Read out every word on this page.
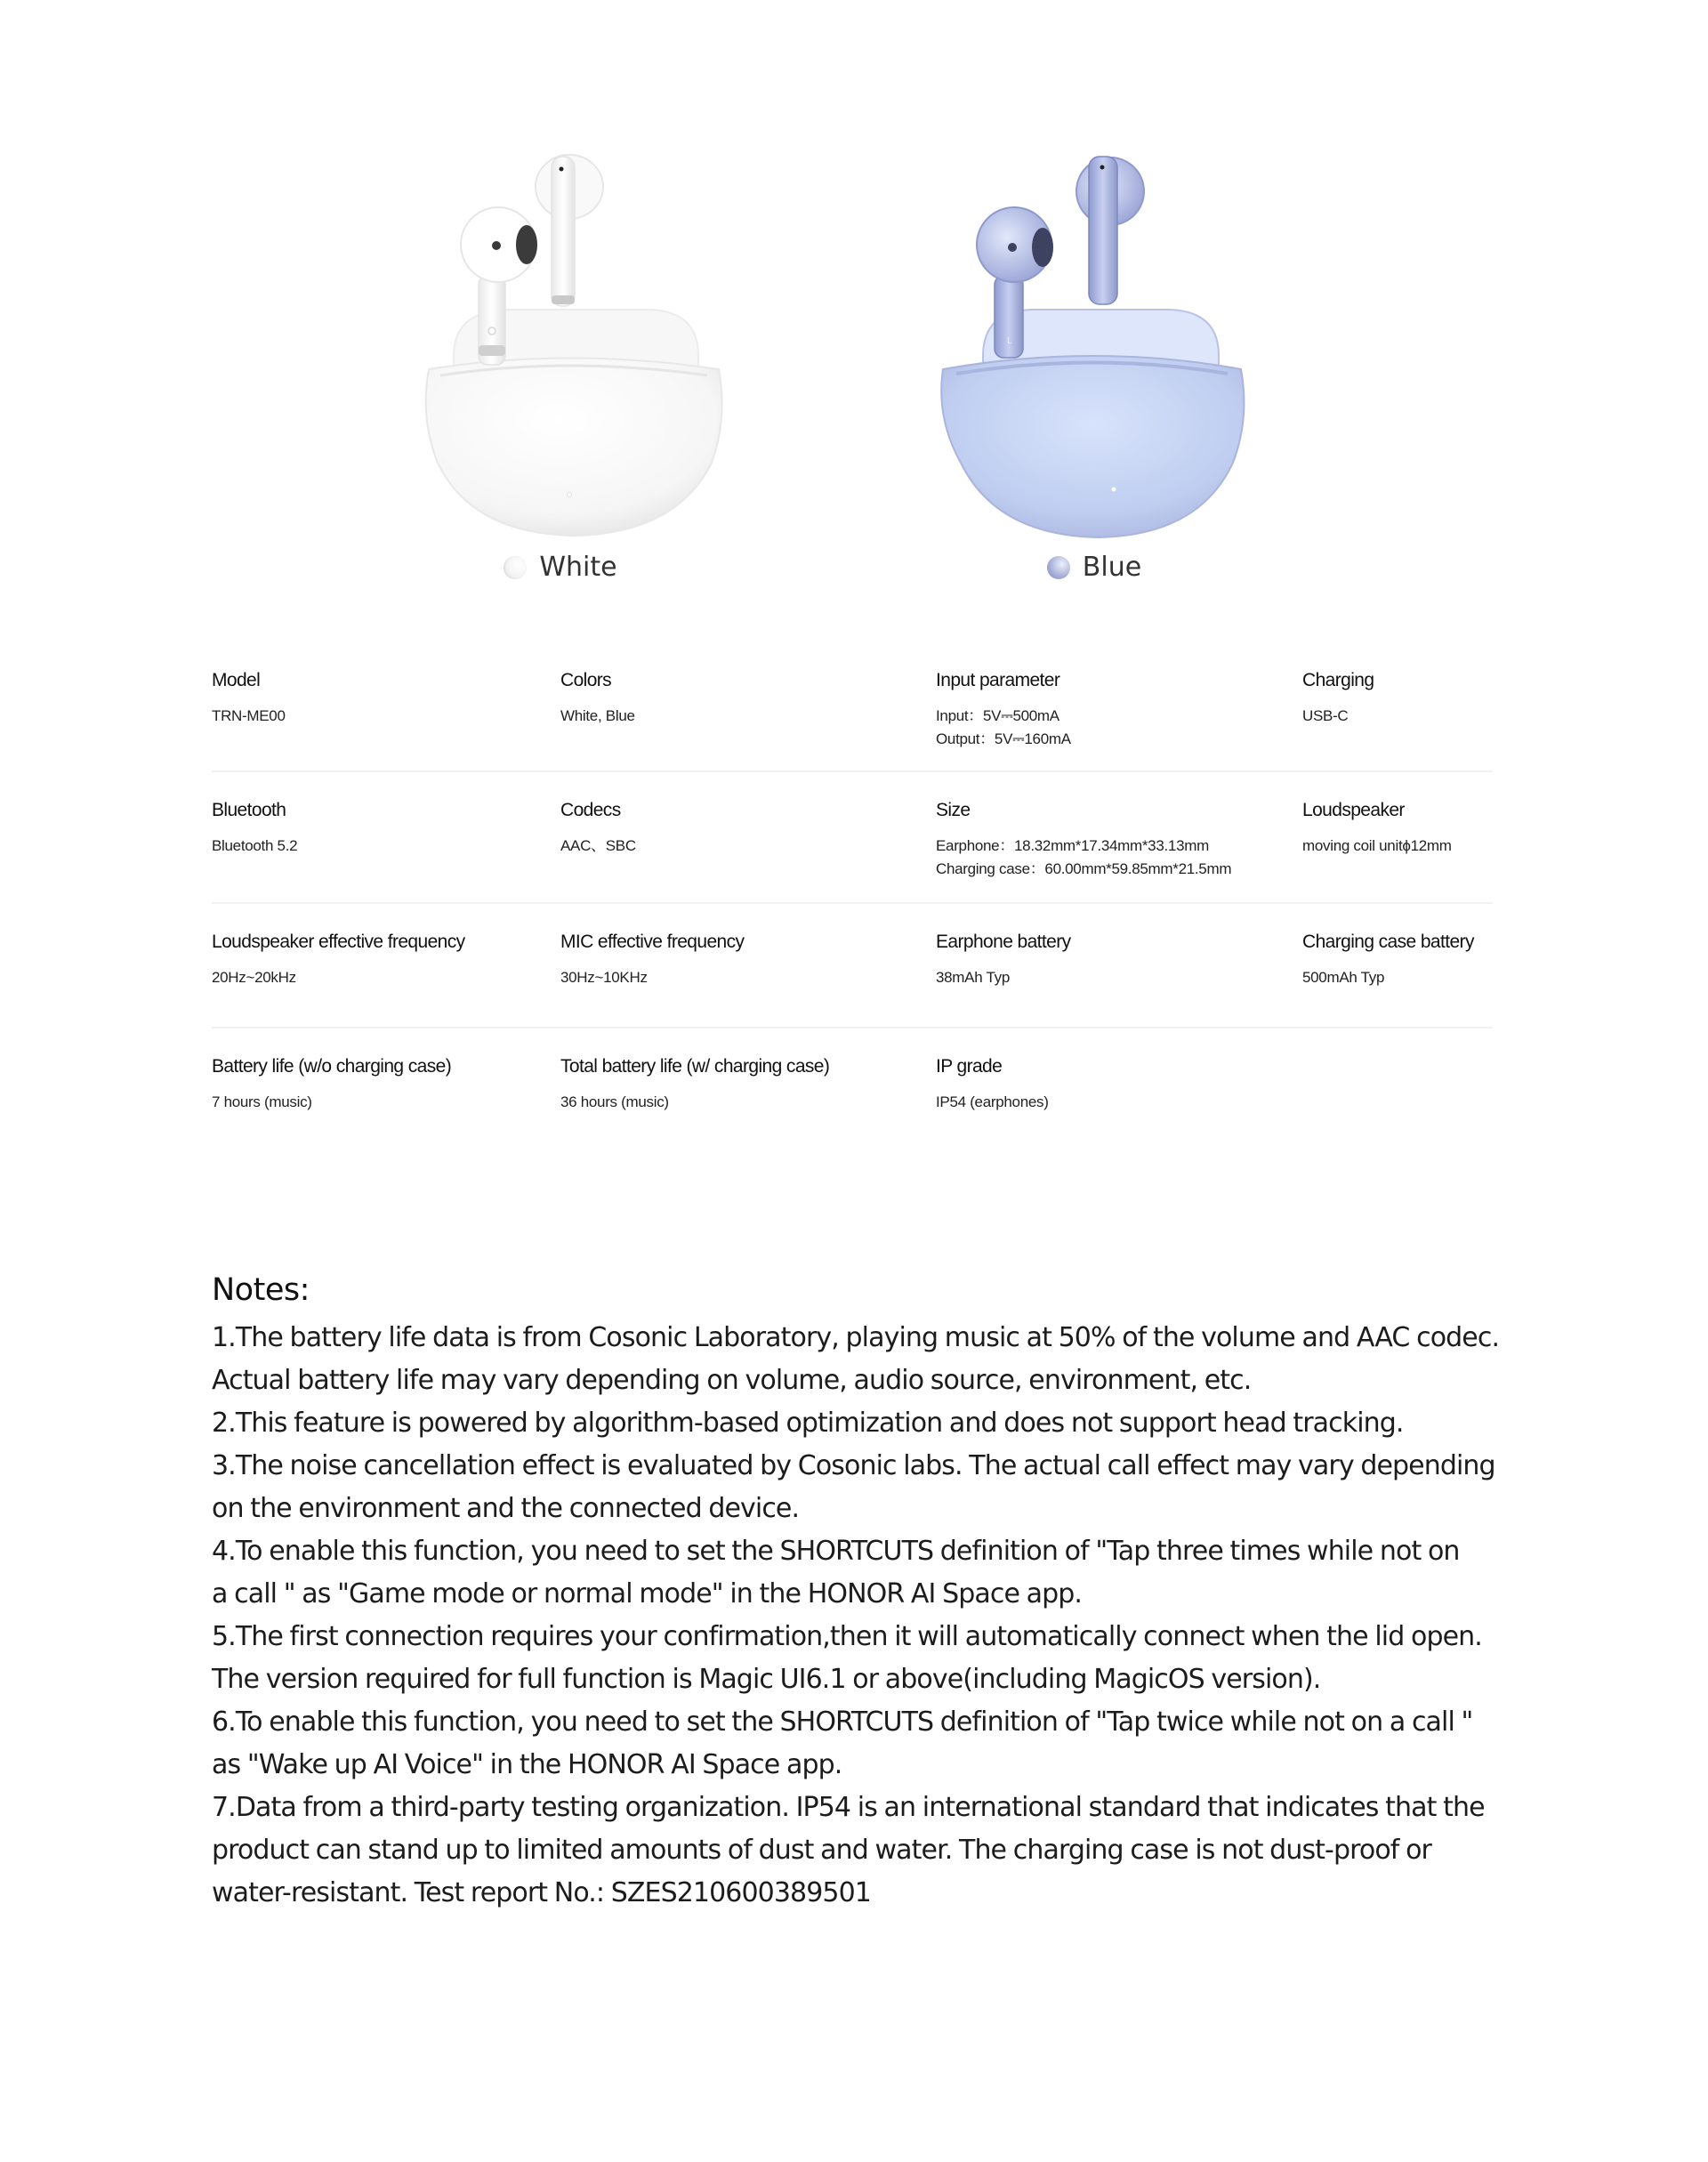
White
L
Blue
Model
TRN-ME00
Colors
White, Blue
Input parameter
Input：5V⎓500mA
Output：5V⎓160mA
Charging
USB-C
Bluetooth
Bluetooth 5.2
Codecs
AAC、SBC
Size
Earphone：18.32mm*17.34mm*33.13mm
Charging case：60.00mm*59.85mm*21.5mm
Loudspeaker
moving coil unitϕ12mm
Loudspeaker effective frequency
20Hz~20kHz
MIC effective frequency
30Hz~10KHz
Earphone battery
38mAh Typ
Charging case battery
500mAh Typ
Battery life (w/o charging case)
7 hours (music)
Total battery life (w/ charging case)
36 hours (music)
IP grade
IP54 (earphones)
Notes:
1.The battery life data is from Cosonic Laboratory, playing music at 50% of the volume and AAC codec.
Actual battery life may vary depending on volume, audio source, environment, etc.
2.This feature is powered by algorithm-based optimization and does not support head tracking.
3.The noise cancellation effect is evaluated by Cosonic labs. The actual call effect may vary depending
on the environment and the connected device.
4.To enable this function, you need to set the SHORTCUTS definition of "Tap three times while not on
a call " as "Game mode or normal mode" in the HONOR AI Space app.
5.The first connection requires your confirmation,then it will automatically connect when the lid open.
The version required for full function is Magic UI6.1 or above(including MagicOS version).
6.To enable this function, you need to set the SHORTCUTS definition of "Tap twice while not on a call "
as "Wake up AI Voice" in the HONOR AI Space app.
7.Data from a third-party testing organization. IP54 is an international standard that indicates that the
product can stand up to limited amounts of dust and water. The charging case is not dust-proof or
water-resistant. Test report No.: SZES210600389501
